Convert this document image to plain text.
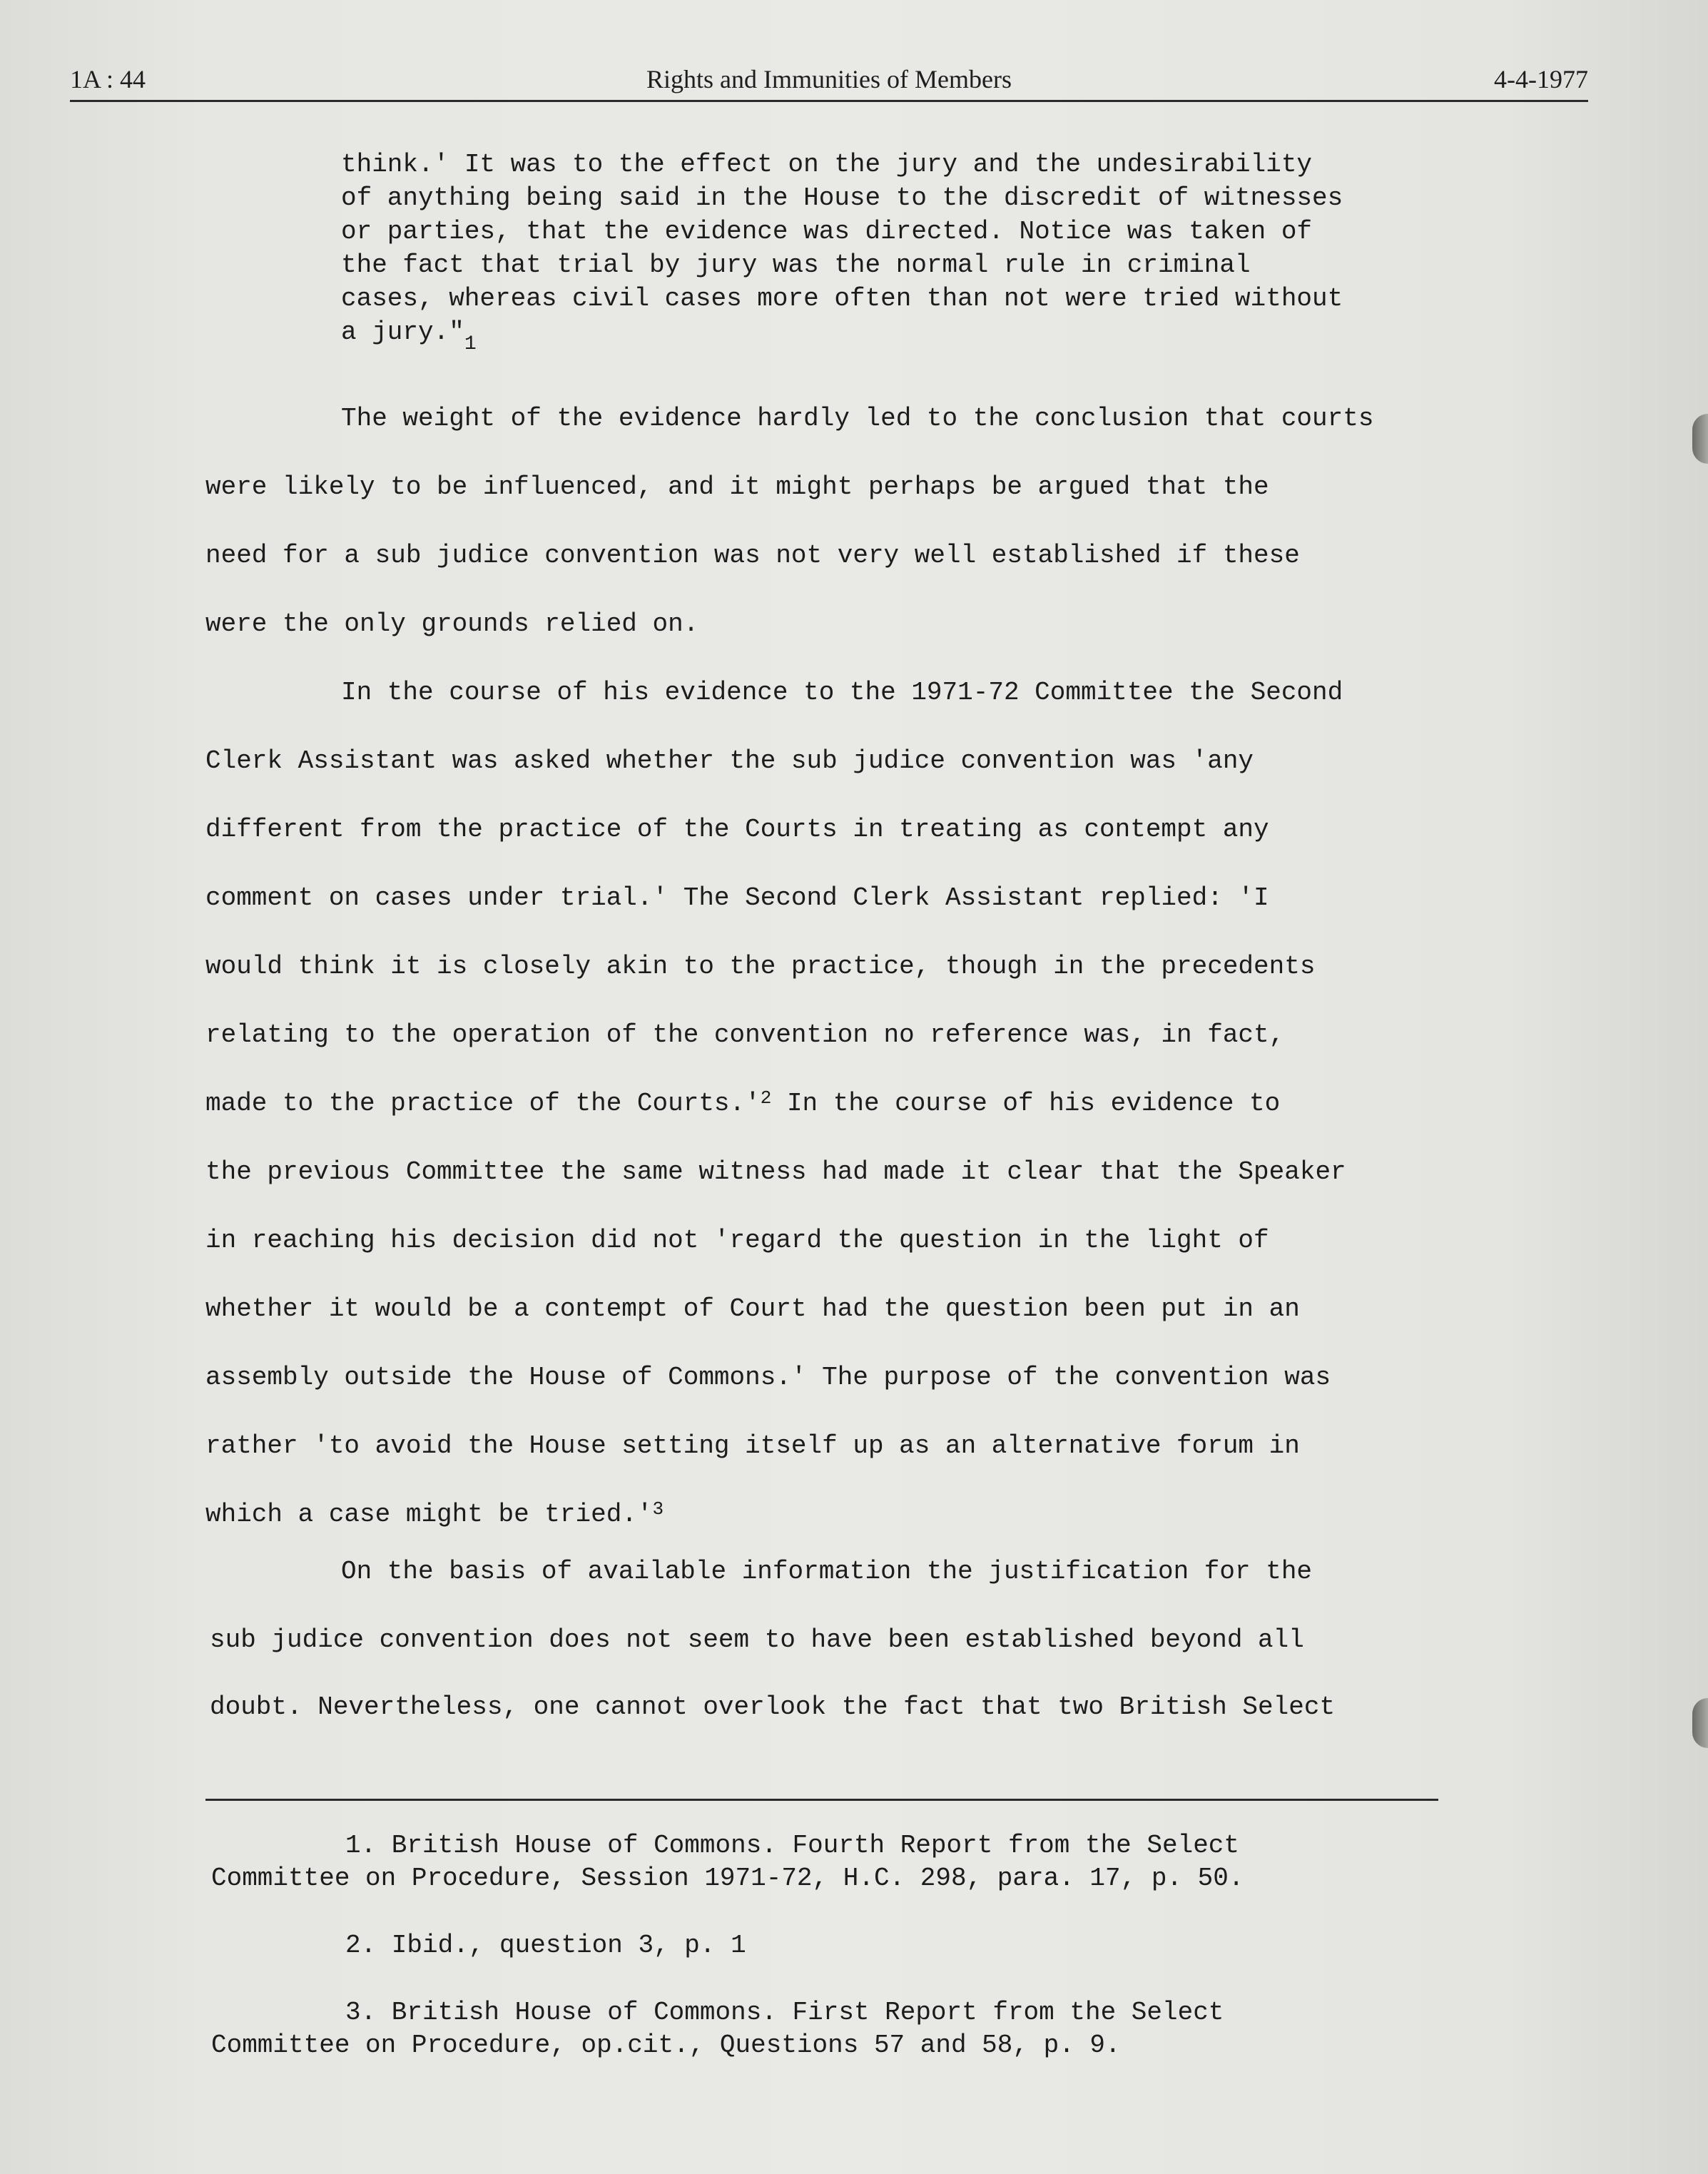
1A : 44	Rights and Immunities of Members	4-4-1977
think.' It was to the effect on the jury and the undesirability
of anything being said in the House to the discredit of witnesses
or parties, that the evidence was directed. Notice was taken of
the fact that trial by jury was the normal rule in criminal
cases, whereas civil cases more often than not were tried without
a $jury."_1$
The weight of the evidence hardly led to the conclusion that courts
were likely to be influenced, and it might perhaps be argued that the
need for a sub judice convention was not very well established if these
were the only grounds relied on.
In the course of his evidence to the 1971-72 Committee the Second
Clerk Assistant was asked whether the sub judice convention was 'any
different from the practice of the Courts in treating as contempt any
comment on cases under trial.' The Second Clerk Assistant replied: 'I
would think it is closely akin to the practice, though in the precedents
relating to the operation of the convention no reference was, in fact,
made to the practice of the Courts.'$^2$ In the course of his evidence to
the previous Committee the same witness had made it clear that the Speaker
in reaching his decision did not 'regard the question in the light of
whether it would be a contempt of Court had the question been put in an
assembly outside the House of Commons.' The purpose of the convention was
rather 'to avoid the House setting itself up as an alternative forum in
which a case might be tried.'$^3$
On the basis of available information the justification for the
sub judice convention does not seem to have been established beyond all
doubt. Nevertheless, one cannot overlook the fact that two British Select
1. British House of Commons. Fourth Report from the Select
Committee on Procedure, Session 1971-72, H.C. 298, para. 17, p. 50.
2. Ibid., question 3, p. 1
3. British House of Commons. First Report from the Select
Committee on Procedure, op.cit., Questions 57 and 58, p. 9.
